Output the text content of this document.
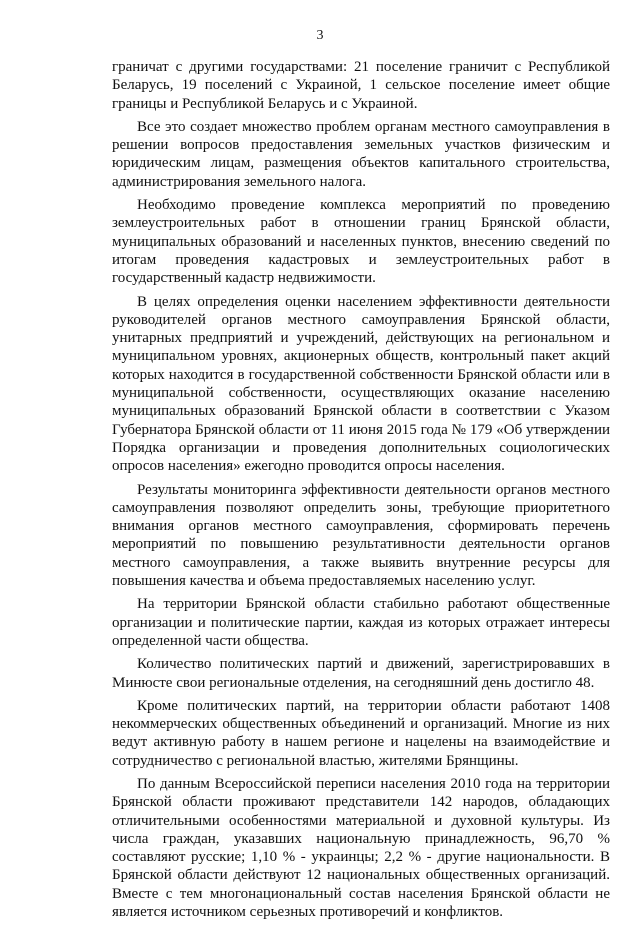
3

граничат с другими государствами: 21 поселение граничит с Республикой Беларусь, 19 поселений с Украиной, 1 сельское поселение имеет общие границы и Республикой Беларусь и с Украиной.

Все это создает множество проблем органам местного самоуправления в решении вопросов предоставления земельных участков физическим и юридическим лицам, размещения объектов капитального строительства, администрирования земельного налога.

Необходимо проведение комплекса мероприятий по проведению землеустроительных работ в отношении границ Брянской области, муниципальных образований и населенных пунктов, внесению сведений по итогам проведения кадастровых и землеустроительных работ в государственный кадастр недвижимости.

В целях определения оценки населением эффективности деятельности руководителей органов местного самоуправления Брянской области, унитарных предприятий и учреждений, действующих на региональном и муниципальном уровнях, акционерных обществ, контрольный пакет акций которых находится в государственной собственности Брянской области или в муниципальной собственности, осуществляющих оказание населению муниципальных образований Брянской области в соответствии с Указом Губернатора Брянской области от 11 июня 2015 года № 179 «Об утверждении Порядка организации и проведения дополнительных социологических опросов населения» ежегодно проводится опросы населения.

Результаты мониторинга эффективности деятельности органов местного самоуправления позволяют определить зоны, требующие приоритетного внимания органов местного самоуправления, сформировать перечень мероприятий по повышению результативности деятельности органов местного самоуправления, а также выявить внутренние ресурсы для повышения качества и объема предоставляемых населению услуг.

На территории Брянской области стабильно работают общественные организации и политические партии, каждая из которых отражает интересы определенной части общества.

Количество политических партий и движений, зарегистрировавших в Минюсте свои региональные отделения, на сегодняшний день достигло 48.

Кроме политических партий, на территории области работают 1408 некоммерческих общественных объединений и организаций. Многие из них ведут активную работу в нашем регионе и нацелены на взаимодействие и сотрудничество с региональной властью, жителями Брянщины.

По данным Всероссийской переписи населения 2010 года на территории Брянской области проживают представители 142 народов, обладающих отличительными особенностями материальной и духовной культуры. Из числа граждан, указавших национальную принадлежность, 96,70 % составляют русские; 1,10 % - украинцы; 2,2 % - другие национальности. В Брянской области действуют 12 национальных общественных организаций. Вместе с тем многонациональный состав населения Брянской области не является источником серьезных противоречий и конфликтов.
